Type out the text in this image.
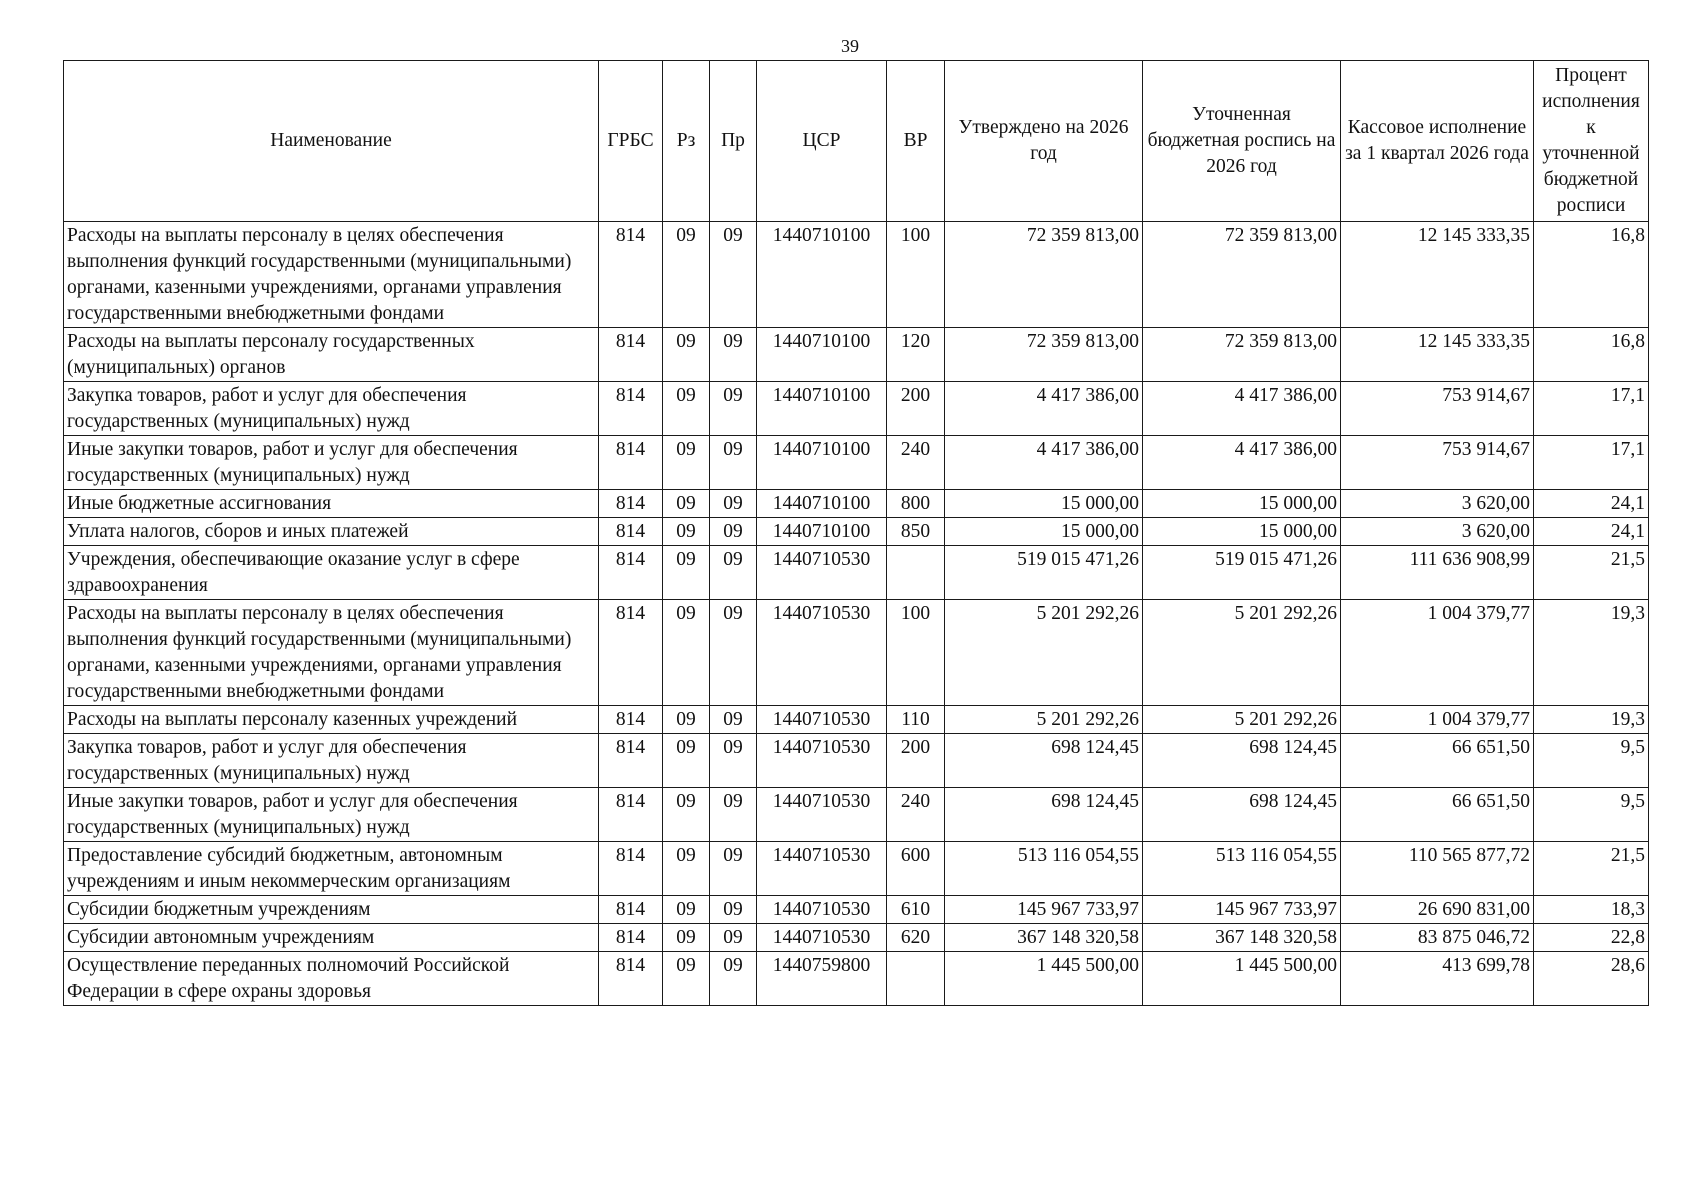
39
Наименование	ГРБС	Рз	Пр	ЦСР	ВР	Утверждено на 2026 год	Уточненная бюджетная роспись на 2026 год	Кассовое исполнение за 1 квартал 2026 года	Процент исполнения к уточненной бюджетной росписи
Расходы на выплаты персоналу в целях обеспечения выполнения функций государственными (муниципальными) органами, казенными учреждениями, органами управления государственными внебюджетными фондами	814	09	09	1440710100	100	72 359 813,00	72 359 813,00	12 145 333,35	16,8
Расходы на выплаты персоналу государственных (муниципальных) органов	814	09	09	1440710100	120	72 359 813,00	72 359 813,00	12 145 333,35	16,8
Закупка товаров, работ и услуг для обеспечения государственных (муниципальных) нужд	814	09	09	1440710100	200	4 417 386,00	4 417 386,00	753 914,67	17,1
Иные закупки товаров, работ и услуг для обеспечения государственных (муниципальных) нужд	814	09	09	1440710100	240	4 417 386,00	4 417 386,00	753 914,67	17,1
Иные бюджетные ассигнования	814	09	09	1440710100	800	15 000,00	15 000,00	3 620,00	24,1
Уплата налогов, сборов и иных платежей	814	09	09	1440710100	850	15 000,00	15 000,00	3 620,00	24,1
Учреждения, обеспечивающие оказание услуг в сфере здравоохранения	814	09	09	1440710530		519 015 471,26	519 015 471,26	111 636 908,99	21,5
Расходы на выплаты персоналу в целях обеспечения выполнения функций государственными (муниципальными) органами, казенными учреждениями, органами управления государственными внебюджетными фондами	814	09	09	1440710530	100	5 201 292,26	5 201 292,26	1 004 379,77	19,3
Расходы на выплаты персоналу казенных учреждений	814	09	09	1440710530	110	5 201 292,26	5 201 292,26	1 004 379,77	19,3
Закупка товаров, работ и услуг для обеспечения государственных (муниципальных) нужд	814	09	09	1440710530	200	698 124,45	698 124,45	66 651,50	9,5
Иные закупки товаров, работ и услуг для обеспечения государственных (муниципальных) нужд	814	09	09	1440710530	240	698 124,45	698 124,45	66 651,50	9,5
Предоставление субсидий бюджетным, автономным учреждениям и иным некоммерческим организациям	814	09	09	1440710530	600	513 116 054,55	513 116 054,55	110 565 877,72	21,5
Субсидии бюджетным учреждениям	814	09	09	1440710530	610	145 967 733,97	145 967 733,97	26 690 831,00	18,3
Субсидии автономным учреждениям	814	09	09	1440710530	620	367 148 320,58	367 148 320,58	83 875 046,72	22,8
Осуществление переданных полномочий Российской Федерации в сфере охраны здоровья	814	09	09	1440759800		1 445 500,00	1 445 500,00	413 699,78	28,6
